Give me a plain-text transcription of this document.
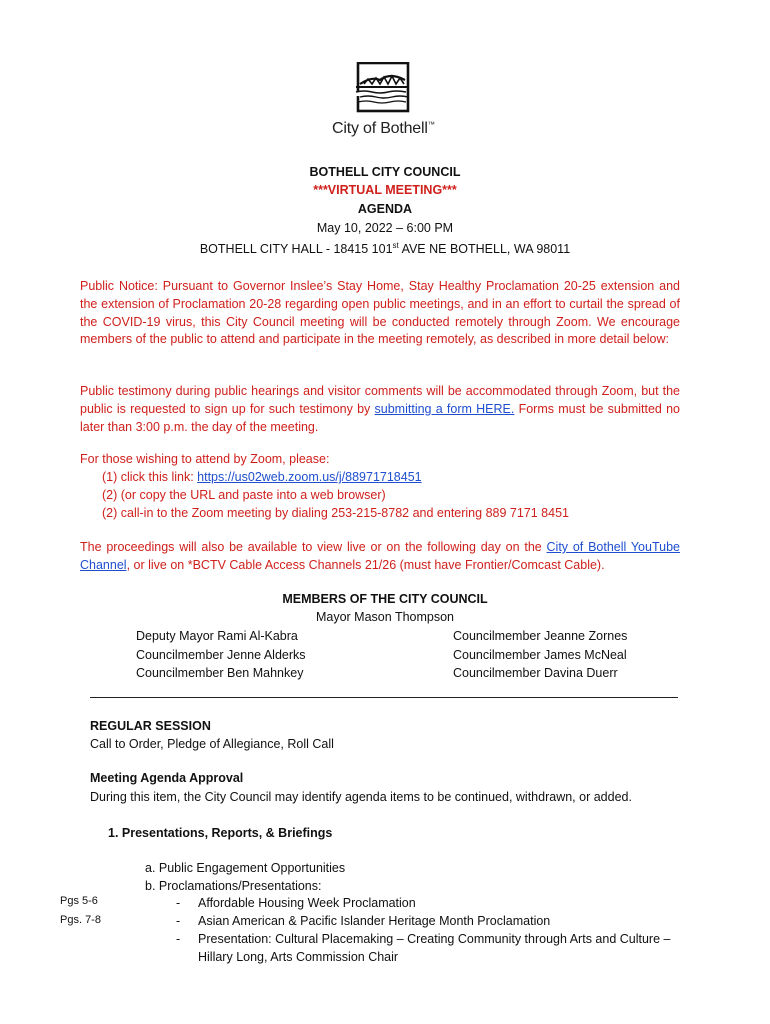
City of Bothell™
BOTHELL CITY COUNCIL
***VIRTUAL MEETING***
AGENDA
May 10, 2022 – 6:00 PM
BOTHELL CITY HALL - 18415 101st AVE NE BOTHELL, WA 98011
Public Notice: Pursuant to Governor Inslee’s Stay Home, Stay Healthy Proclamation 20-25 extension and the extension of Proclamation 20-28 regarding open public meetings, and in an effort to curtail the spread of the COVID-19 virus, this City Council meeting will be conducted remotely through Zoom. We encourage members of the public to attend and participate in the meeting remotely, as described in more detail below:
Public testimony during public hearings and visitor comments will be accommodated through Zoom, but the public is requested to sign up for such testimony by submitting a form HERE. Forms must be submitted no later than 3:00 p.m. the day of the meeting.
For those wishing to attend by Zoom, please:
(1) click this link: https://us02web.zoom.us/j/88971718451
(2) (or copy the URL and paste into a web browser)
(2) call-in to the Zoom meeting by dialing 253-215-8782 and entering 889 7171 8451
The proceedings will also be available to view live or on the following day on the City of Bothell YouTube Channel, or live on *BCTV Cable Access Channels 21/26 (must have Frontier/Comcast Cable).
MEMBERS OF THE CITY COUNCIL
Mayor Mason Thompson
Deputy Mayor Rami Al-Kabra
Councilmember Jenne Alderks
Councilmember Ben Mahnkey
Councilmember Jeanne Zornes
Councilmember James McNeal
Councilmember Davina Duerr
REGULAR SESSION
Call to Order, Pledge of Allegiance, Roll Call
Meeting Agenda Approval
During this item, the City Council may identify agenda items to be continued, withdrawn, or added.
1. Presentations, Reports, & Briefings
a. Public Engagement Opportunities
b. Proclamations/Presentations:
Pgs 5-6
Pgs. 7-8
- Affordable Housing Week Proclamation
- Asian American & Pacific Islander Heritage Month Proclamation
- Presentation: Cultural Placemaking – Creating Community through Arts and Culture – Hillary Long, Arts Commission Chair
